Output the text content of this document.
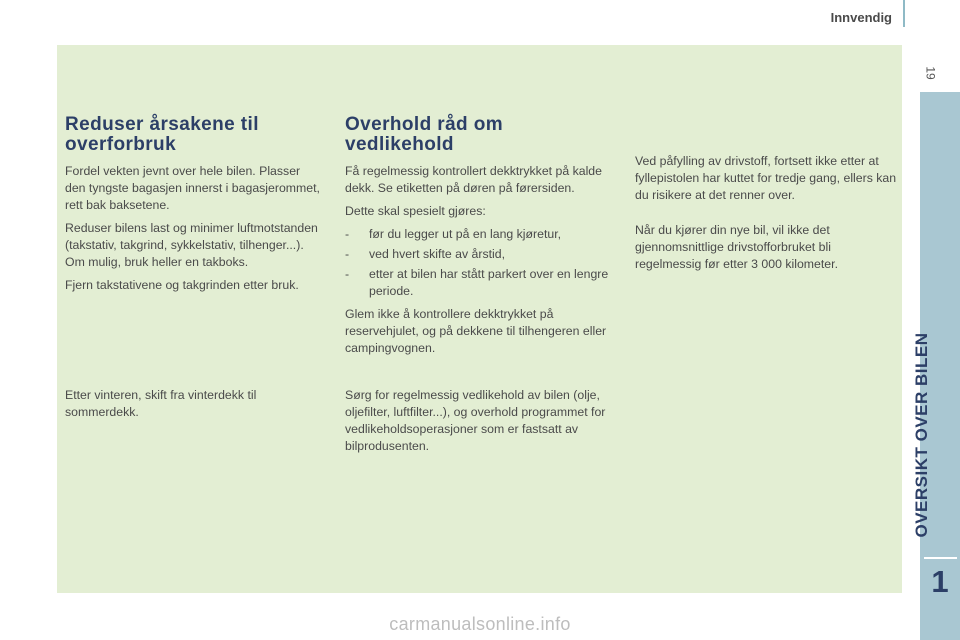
Innvendig
19
OVERSIKT OVER BILEN
1
Reduser årsakene til overforbruk

Fordel vekten jevnt over hele bilen. Plasser den tyngste bagasjen innerst i bagasjerommet, rett bak baksetene.

Reduser bilens last og minimer luftmotstanden (takstativ, takgrind, sykkelstativ, tilhenger...). Om mulig, bruk heller en takboks.

Fjern takstativene og takgrinden etter bruk.

Overhold råd om vedlikehold

Få regelmessig kontrollert dekktrykket på kalde dekk. Se etiketten på døren på førersiden.

Dette skal spesielt gjøres:

- før du legger ut på en lang kjøretur,
- ved hvert skifte av årstid,
- etter at bilen har stått parkert over en lengre periode.

Glem ikke å kontrollere dekktrykket på reservehjulet, og på dekkene til tilhengeren eller campingvognen.

Ved påfylling av drivstoff, fortsett ikke etter at fyllepistolen har kuttet for tredje gang, ellers kan du risikere at det renner over.

Når du kjører din nye bil, vil ikke det gjennomsnittlige drivstofforbruket bli regelmessig før etter 3 000 kilometer.

Etter vinteren, skift fra vinterdekk til sommerdekk.

Sørg for regelmessig vedlikehold av bilen (olje, oljefilter, luftfilter...), og overhold programmet for vedlikeholdsoperasjoner som er fastsatt av bilprodusenten.

carmanualsonline.info
